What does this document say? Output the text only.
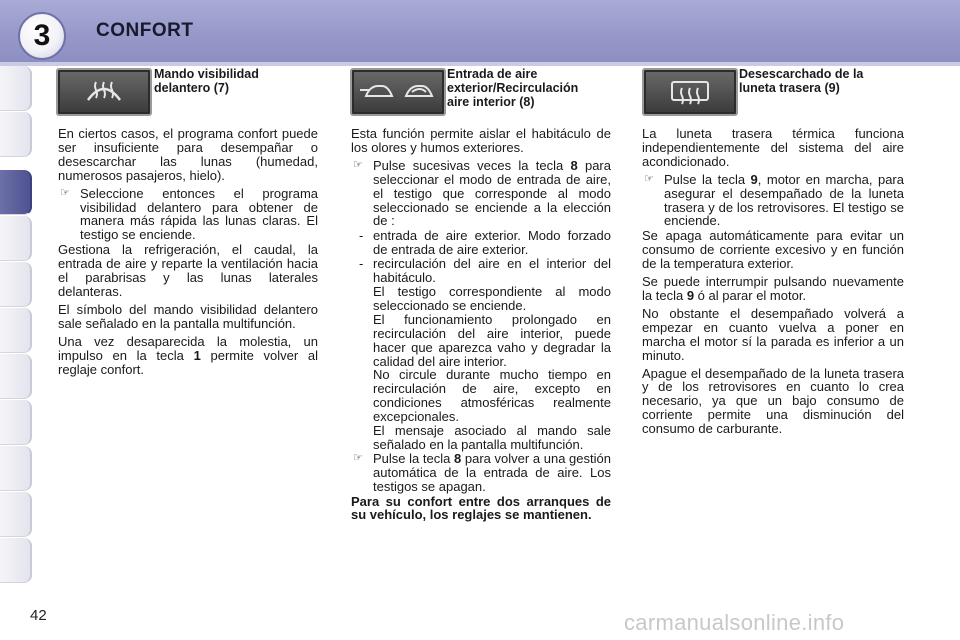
3	CONFORT
Mando visibilidad
delantero (7)

En ciertos casos, el programa confort puede ser insuficiente para desempañar o desescarchar las lunas (humedad, numerosos pasajeros, hielo).

☞ Seleccione entonces el programa visibilidad delantero para obtener de manera más rápida las lunas claras. El testigo se enciende.

Gestiona la refrigeración, el caudal, la entrada de aire y reparte la ventilación hacia el parabrisas y las lunas laterales delanteras.

El símbolo del mando visibilidad delantero sale señalado en la pantalla multifunción.

Una vez desaparecida la molestia, un impulso en la tecla 1 permite volver al reglaje confort.

Entrada de aire
exterior/Recirculación
aire interior (8)

Esta función permite aislar el habitáculo de los olores y humos exteriores.

☞ Pulse sucesivas veces la tecla 8 para seleccionar el modo de entrada de aire, el testigo que corresponde al modo seleccionado se enciende a la elección de :
- entrada de aire exterior. Modo forzado de entrada de aire exterior.
- recirculación del aire en el interior del habitáculo.
El testigo correspondiente al modo seleccionado se enciende.
El funcionamiento prolongado en recirculación del aire interior, puede hacer que aparezca vaho y degradar la calidad del aire interior.
No circule durante mucho tiempo en recirculación de aire, excepto en condiciones atmosféricas realmente excepcionales.
El mensaje asociado al mando sale señalado en la pantalla multifunción.
☞ Pulse la tecla 8 para volver a una gestión automática de la entrada de aire. Los testigos se apagan.

Para su confort entre dos arranques de su vehículo, los reglajes se mantienen.

Desescarchado de la
luneta trasera (9)

La luneta trasera térmica funciona independientemente del sistema del aire acondicionado.

☞ Pulse la tecla 9, motor en marcha, para asegurar el desempañado de la luneta trasera y de los retrovisores. El testigo se enciende.

Se apaga automáticamente para evitar un consumo de corriente excesivo y en función de la temperatura exterior.

Se puede interrumpir pulsando nuevamente la tecla 9 ó al parar el motor.

No obstante el desempañado volverá a empezar en cuanto vuelva a poner en marcha el motor sí la parada es inferior a un minuto.

Apague el desempañado de la luneta trasera y de los retrovisores en cuanto lo crea necesario, ya que un bajo consumo de corriente permite una disminución del consumo de carburante.

42	carmanualsonline.info
